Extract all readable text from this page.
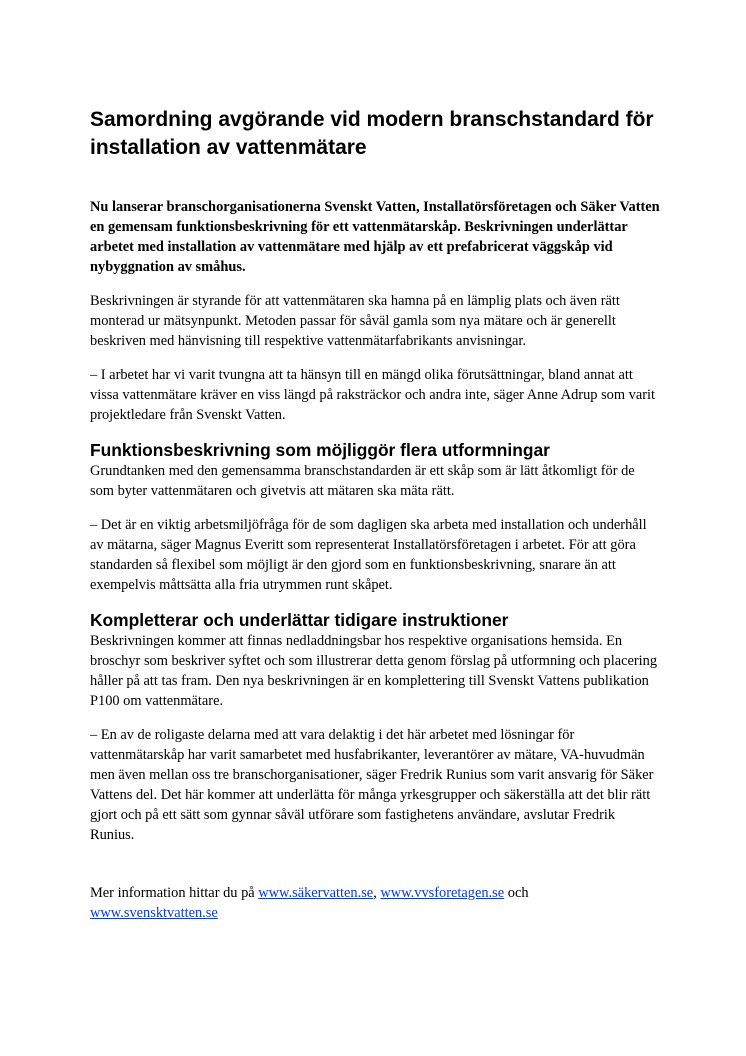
Samordning avgörande vid modern branschstandard för installation av vattenmätare

Nu lanserar branschorganisationerna Svenskt Vatten, Installatörsföretagen och Säker Vatten en gemensam funktionsbeskrivning för ett vattenmätarskåp. Beskrivningen underlättar arbetet med installation av vattenmätare med hjälp av ett prefabricerat väggskåp vid nybyggnation av småhus.

Beskrivningen är styrande för att vattenmätaren ska hamna på en lämplig plats och även rätt monterad ur mätsynpunkt. Metoden passar för såväl gamla som nya mätare och är generellt beskriven med hänvisning till respektive vattenmätarfabrikants anvisningar.

– I arbetet har vi varit tvungna att ta hänsyn till en mängd olika förutsättningar, bland annat att vissa vattenmätare kräver en viss längd på raksträckor och andra inte, säger Anne Adrup som varit projektledare från Svenskt Vatten.

Funktionsbeskrivning som möjliggör flera utformningar

Grundtanken med den gemensamma branschstandarden är ett skåp som är lätt åtkomligt för de som byter vattenmätaren och givetvis att mätaren ska mäta rätt.

– Det är en viktig arbetsmiljöfråga för de som dagligen ska arbeta med installation och underhåll av mätarna, säger Magnus Everitt som representerat Installatörsföretagen i arbetet. För att göra standarden så flexibel som möjligt är den gjord som en funktionsbeskrivning, snarare än att exempelvis måttsätta alla fria utrymmen runt skåpet.

Kompletterar och underlättar tidigare instruktioner

Beskrivningen kommer att finnas nedladdningsbar hos respektive organisations hemsida. En broschyr som beskriver syftet och som illustrerar detta genom förslag på utformning och placering håller på att tas fram. Den nya beskrivningen är en komplettering till Svenskt Vattens publikation P100 om vattenmätare.

– En av de roligaste delarna med att vara delaktig i det här arbetet med lösningar för vattenmätarskåp har varit samarbetet med husfabrikanter, leverantörer av mätare, VA-huvudmän men även mellan oss tre branschorganisationer, säger Fredrik Runius som varit ansvarig för Säker Vattens del. Det här kommer att underlätta för många yrkesgrupper och säkerställa att det blir rätt gjort och på ett sätt som gynnar såväl utförare som fastighetens användare, avslutar Fredrik Runius.

Mer information hittar du på www.säkervatten.se, www.vvsforetagen.se och
www.svensktvatten.se
